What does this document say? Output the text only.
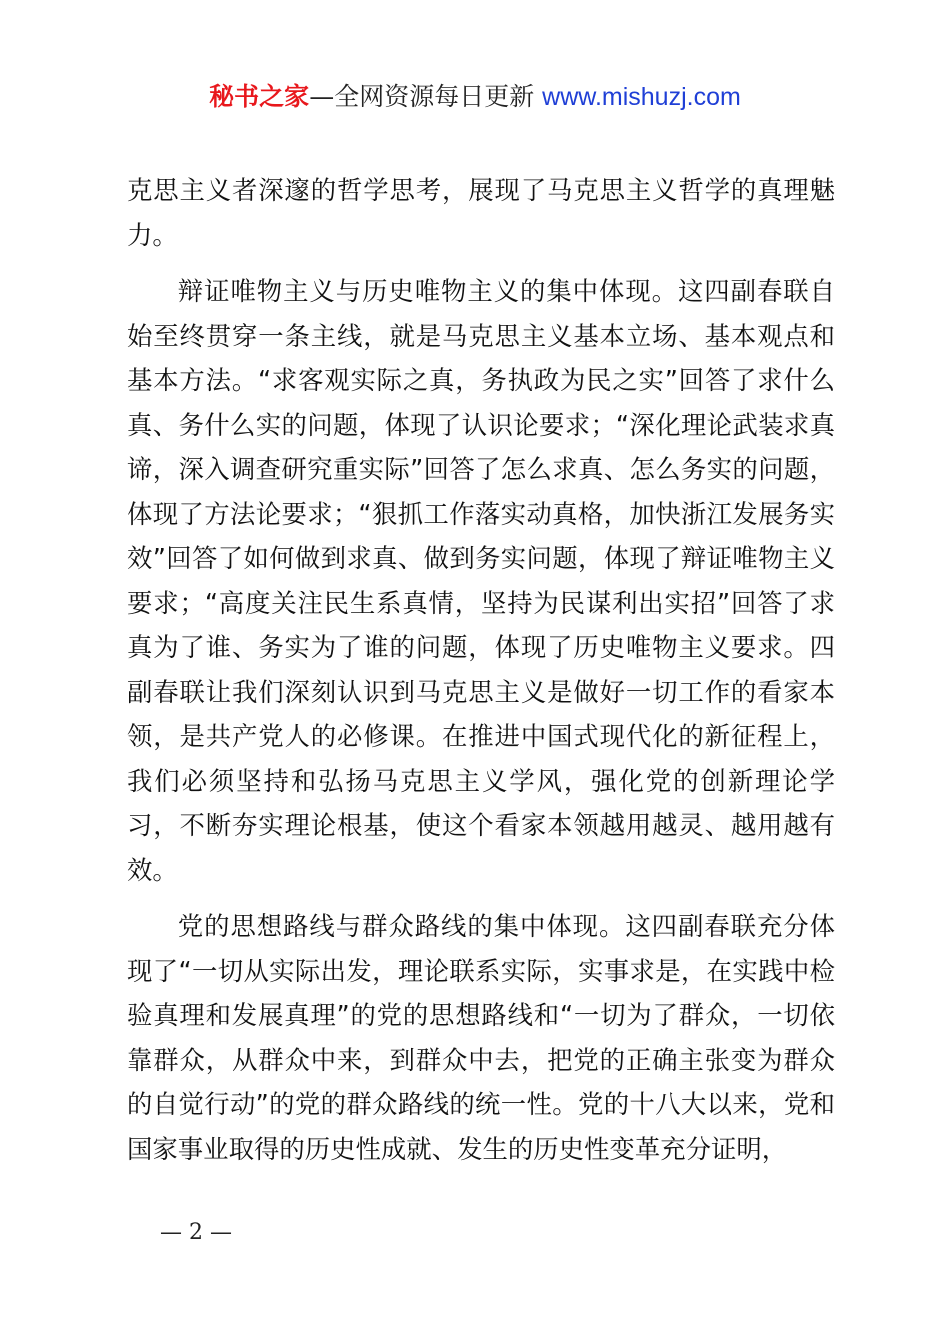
秘书之家—全网资源每日更新 www.mishuzj.com

克思主义者深邃的哲学思考，展现了马克思主义哲学的真理魅力。

辩证唯物主义与历史唯物主义的集中体现。这四副春联自始至终贯穿一条主线，就是马克思主义基本立场、基本观点和基本方法。“求客观实际之真，务执政为民之实”回答了求什么真、务什么实的问题，体现了认识论要求；“深化理论武装求真谛，深入调查研究重实际”回答了怎么求真、怎么务实的问题，体现了方法论要求；“狠抓工作落实动真格，加快浙江发展务实效”回答了如何做到求真、做到务实问题，体现了辩证唯物主义要求；“高度关注民生系真情，坚持为民谋利出实招”回答了求真为了谁、务实为了谁的问题，体现了历史唯物主义要求。四副春联让我们深刻认识到马克思主义是做好一切工作的看家本领，是共产党人的必修课。在推进中国式现代化的新征程上，我们必须坚持和弘扬马克思主义学风，强化党的创新理论学习，不断夯实理论根基，使这个看家本领越用越灵、越用越有效。

党的思想路线与群众路线的集中体现。这四副春联充分体现了“一切从实际出发，理论联系实际，实事求是，在实践中检验真理和发展真理”的党的思想路线和“一切为了群众，一切依靠群众，从群众中来，到群众中去，把党的正确主张变为群众的自觉行动”的党的群众路线的统一性。党的十八大以来，党和国家事业取得的历史性成就、发生的历史性变革充分证明，

— 2 —
